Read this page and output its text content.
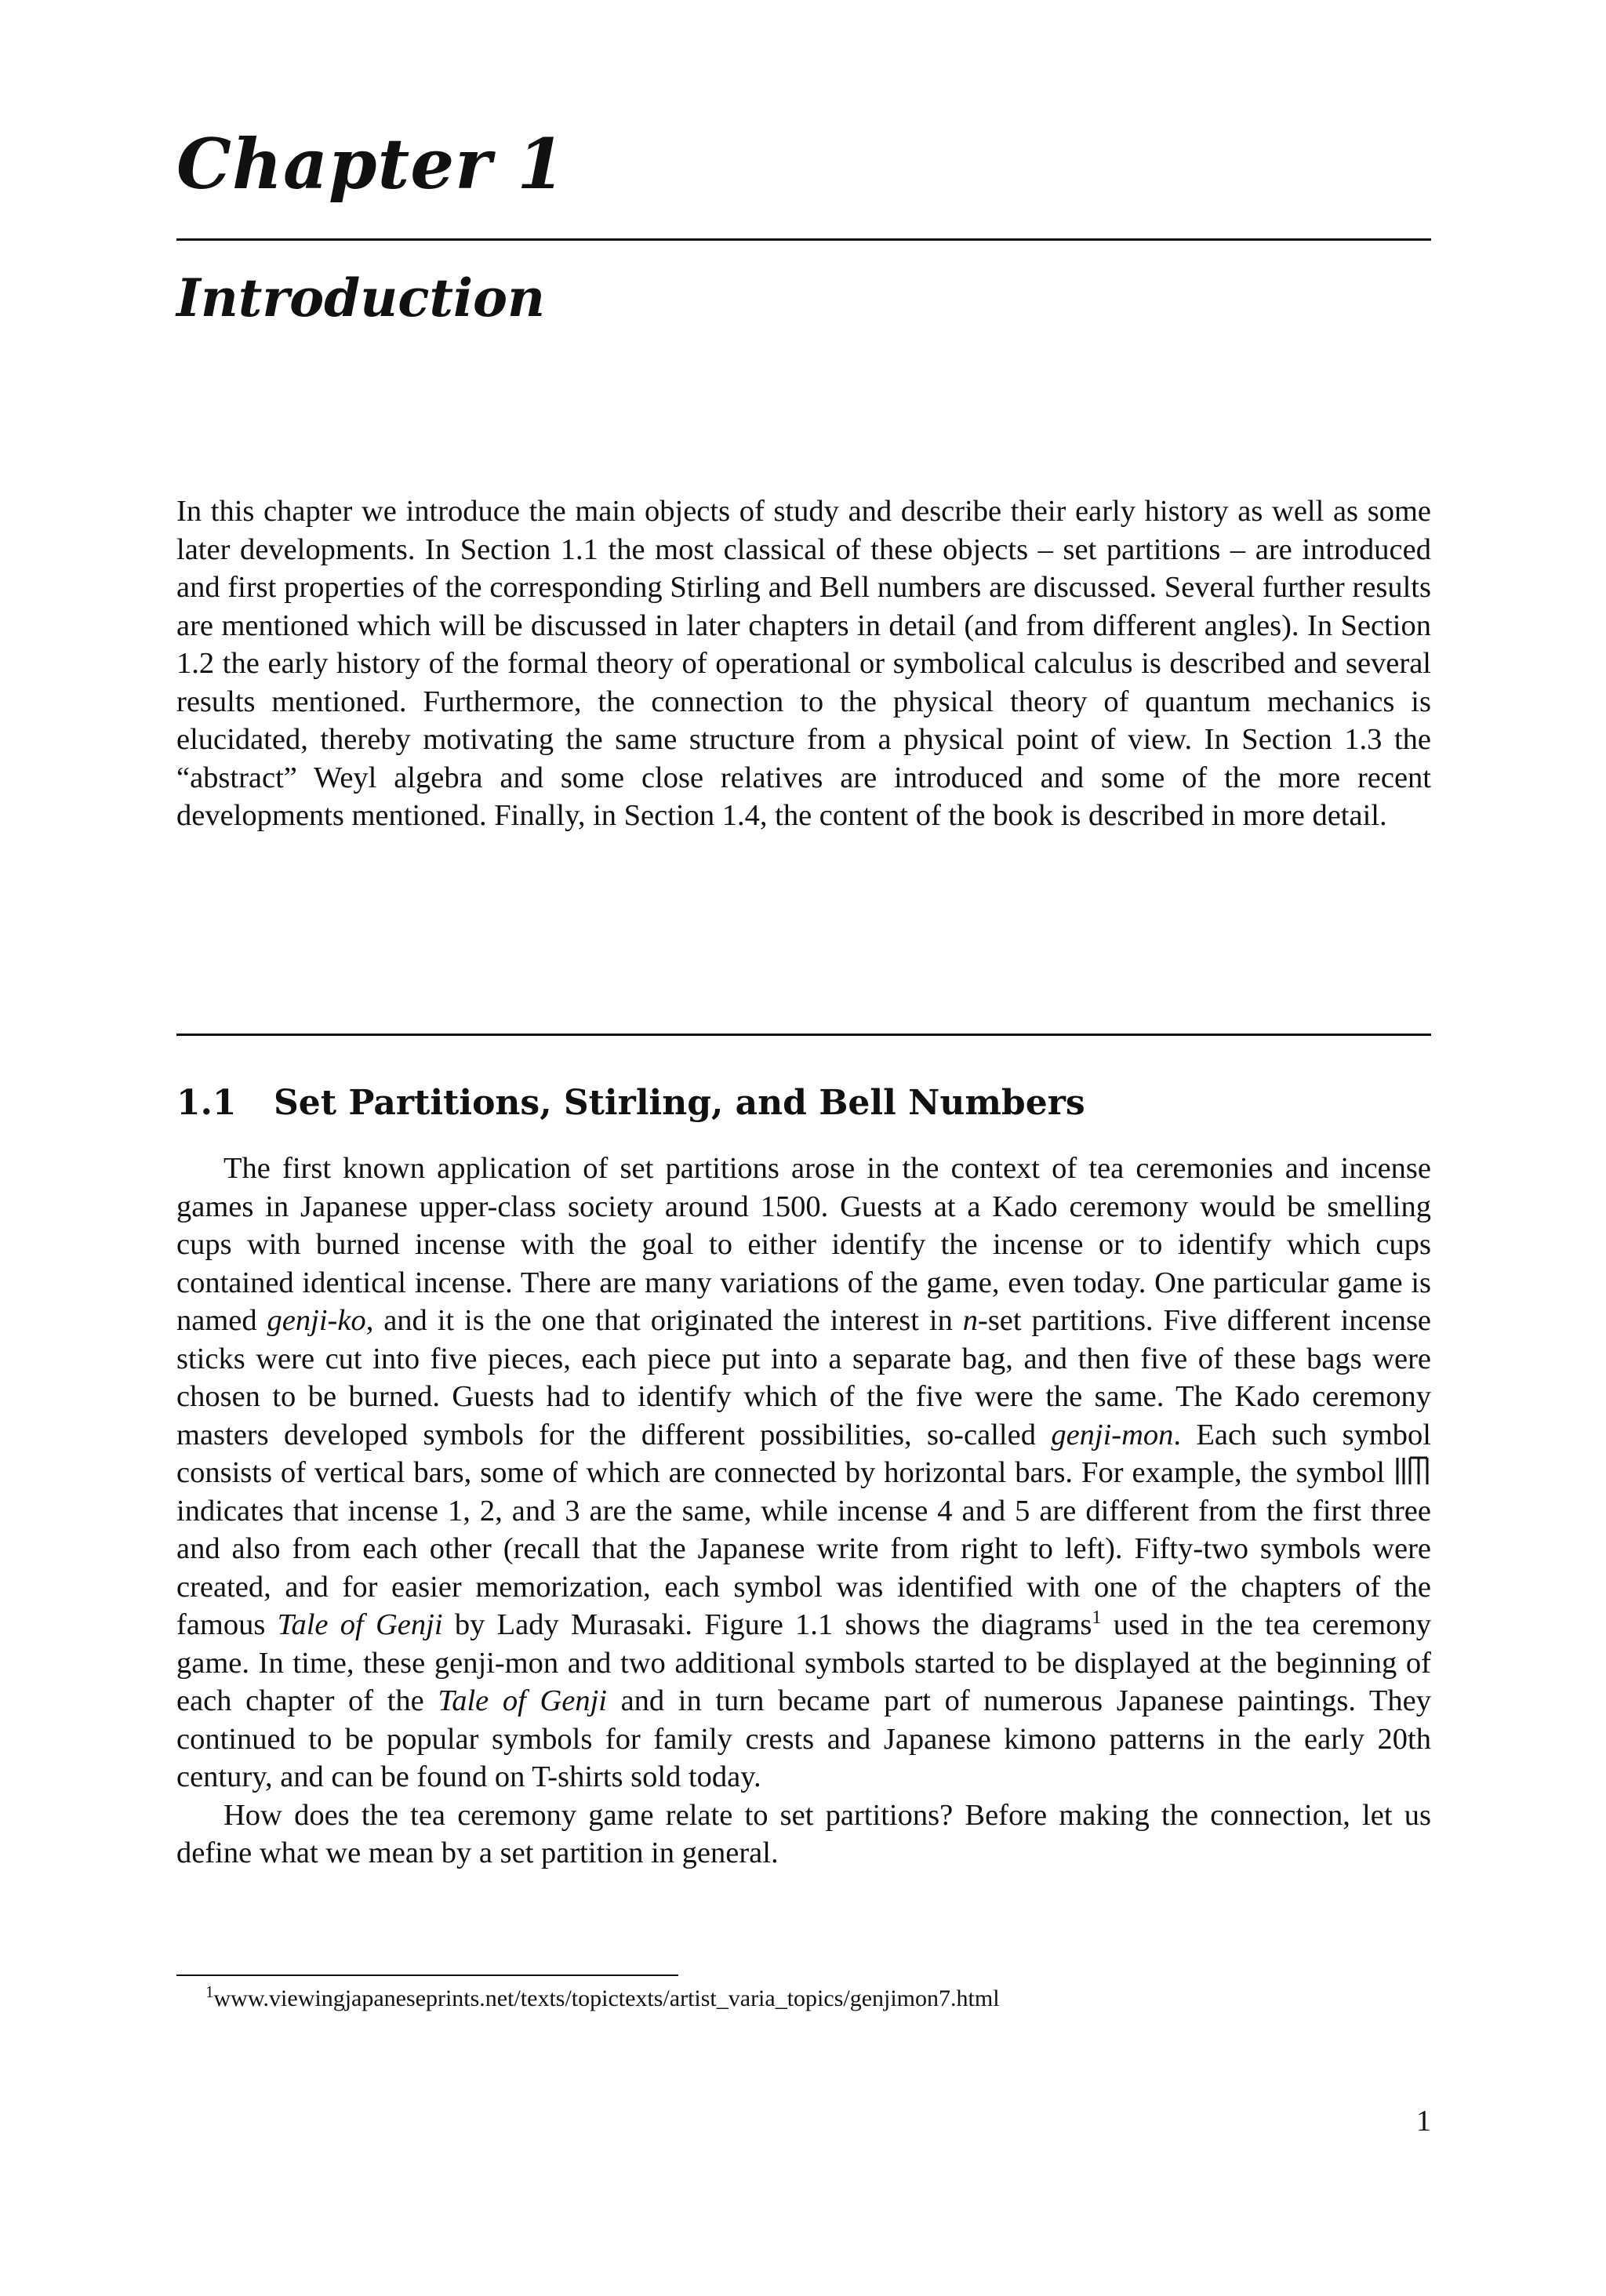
Chapter 1
Introduction
In this chapter we introduce the main objects of study and describe their early history as well as some later developments. In Section 1.1 the most classical of these objects – set partitions – are introduced and first properties of the corresponding Stirling and Bell numbers are discussed. Several further results are mentioned which will be discussed in later chapters in detail (and from different angles). In Section 1.2 the early history of the formal theory of operational or symbolical calculus is described and several results mentioned. Furthermore, the connection to the physical theory of quantum mechanics is elucidated, thereby motivating the same structure from a physical point of view. In Section 1.3 the “abstract” Weyl algebra and some close relatives are introduced and some of the more recent developments mentioned. Finally, in Section 1.4, the content of the book is described in more detail.
1.1 Set Partitions, Stirling, and Bell Numbers

The first known application of set partitions arose in the context of tea ceremonies and incense games in Japanese upper-class society around 1500. Guests at a Kado ceremony would be smelling cups with burned incense with the goal to either identify the incense or to identify which cups contained identical incense. There are many variations of the game, even today. One particular game is named genji-ko, and it is the one that originated the interest in n-set partitions. Five different incense sticks were cut into five pieces, each piece put into a separate bag, and then five of these bags were chosen to be burned. Guests had to identify which of the five were the same. The Kado ceremony masters developed symbols for the different possibilities, so-called genji-mon. Each such symbol consists of vertical bars, some of which are connected by horizontal bars. For example, the symbol  indicates that incense 1, 2, and 3 are the same, while incense 4 and 5 are different from the first three and also from each other (recall that the Japanese write from right to left). Fifty-two symbols were created, and for easier memorization, each symbol was identified with one of the chapters of the famous Tale of Genji by Lady Murasaki. Figure 1.1 shows the diagrams$^1$ used in the tea ceremony game. In time, these genji-mon and two additional symbols started to be displayed at the beginning of each chapter of the Tale of Genji and in turn became part of numerous Japanese paintings. They continued to be popular symbols for family crests and Japanese kimono patterns in the early 20th century, and can be found on T-shirts sold today.

How does the tea ceremony game relate to set partitions? Before making the connection, let us define what we mean by a set partition in general.

$^1$www.viewingjapaneseprints.net/texts/topictexts/artist_varia_topics/genjimon7.html
1
